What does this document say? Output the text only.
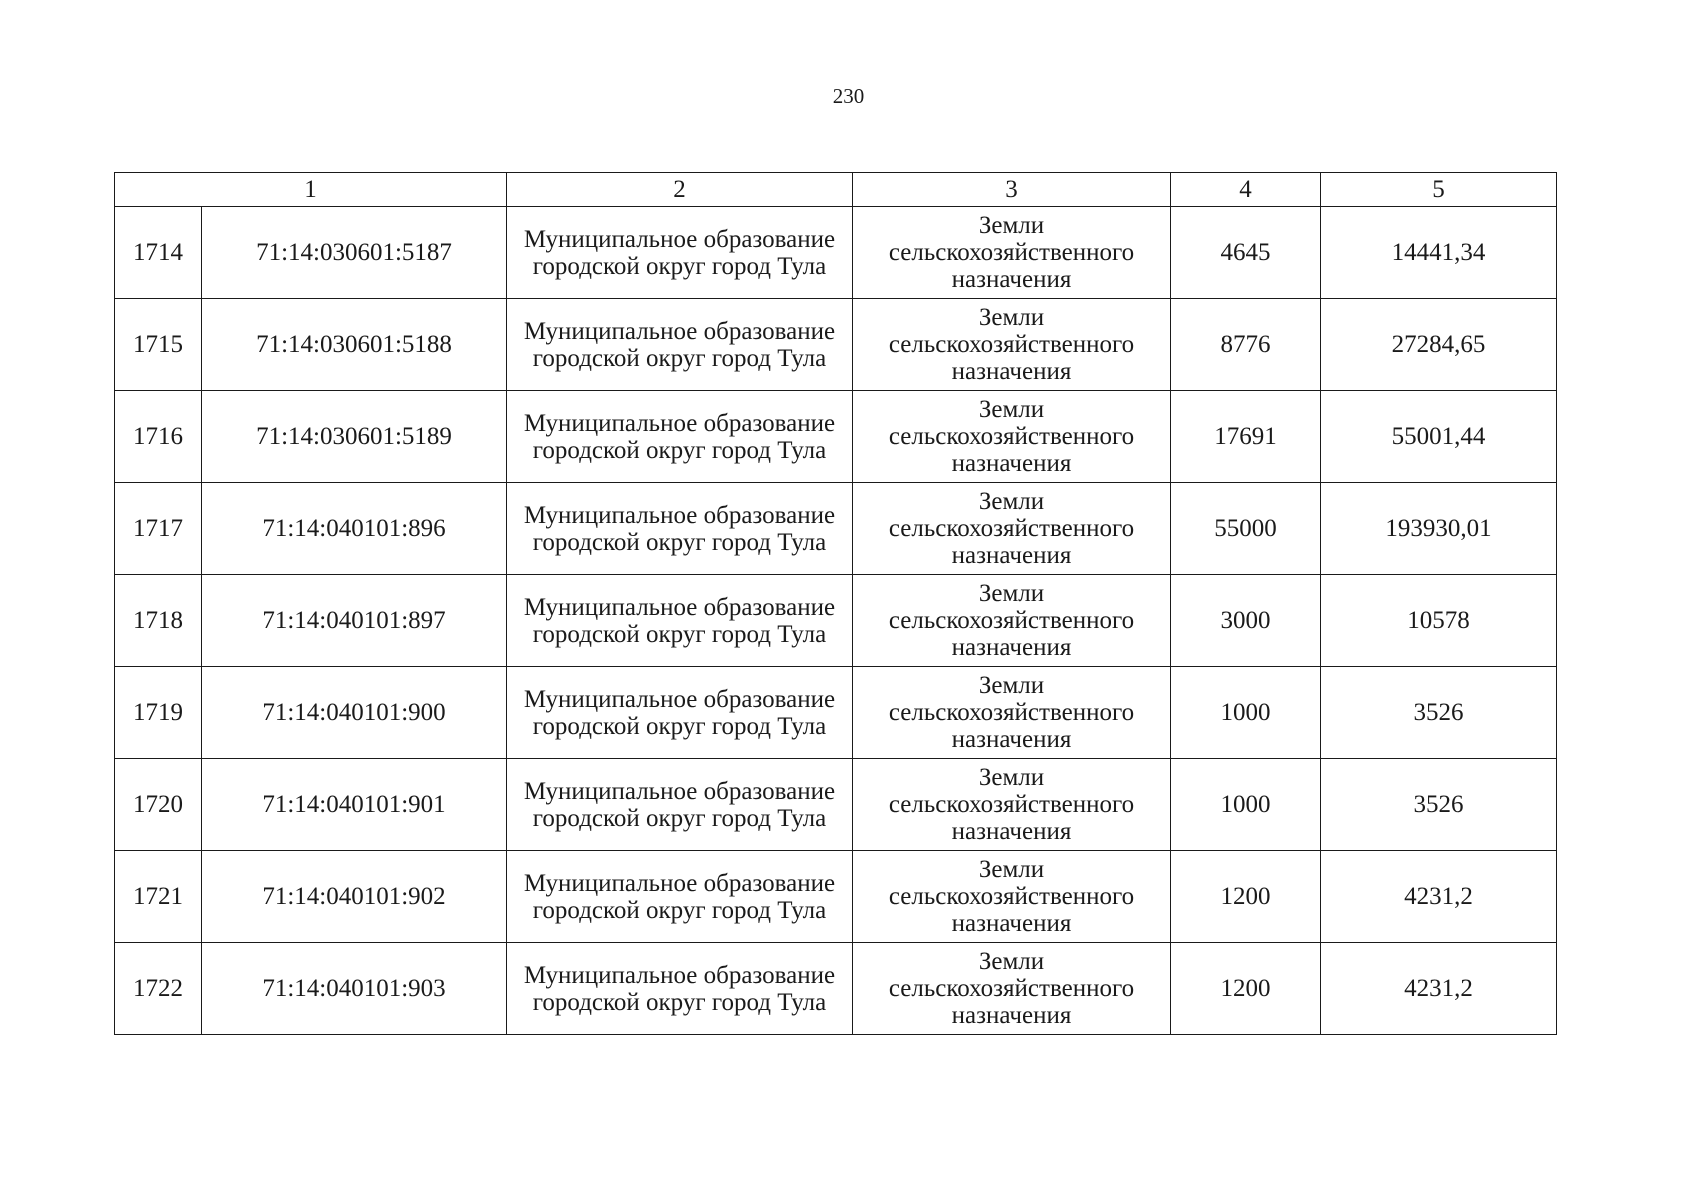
230
1		2	3	4	5
1714	71:14:030601:5187	Муниципальное образование городской округ город Тула	Земли сельскохозяйственного назначения	4645	14441,34
1715	71:14:030601:5188	Муниципальное образование городской округ город Тула	Земли сельскохозяйственного назначения	8776	27284,65
1716	71:14:030601:5189	Муниципальное образование городской округ город Тула	Земли сельскохозяйственного назначения	17691	55001,44
1717	71:14:040101:896	Муниципальное образование городской округ город Тула	Земли сельскохозяйственного назначения	55000	193930,01
1718	71:14:040101:897	Муниципальное образование городской округ город Тула	Земли сельскохозяйственного назначения	3000	10578
1719	71:14:040101:900	Муниципальное образование городской округ город Тула	Земли сельскохозяйственного назначения	1000	3526
1720	71:14:040101:901	Муниципальное образование городской округ город Тула	Земли сельскохозяйственного назначения	1000	3526
1721	71:14:040101:902	Муниципальное образование городской округ город Тула	Земли сельскохозяйственного назначения	1200	4231,2
1722	71:14:040101:903	Муниципальное образование городской округ город Тула	Земли сельскохозяйственного назначения	1200	4231,2
